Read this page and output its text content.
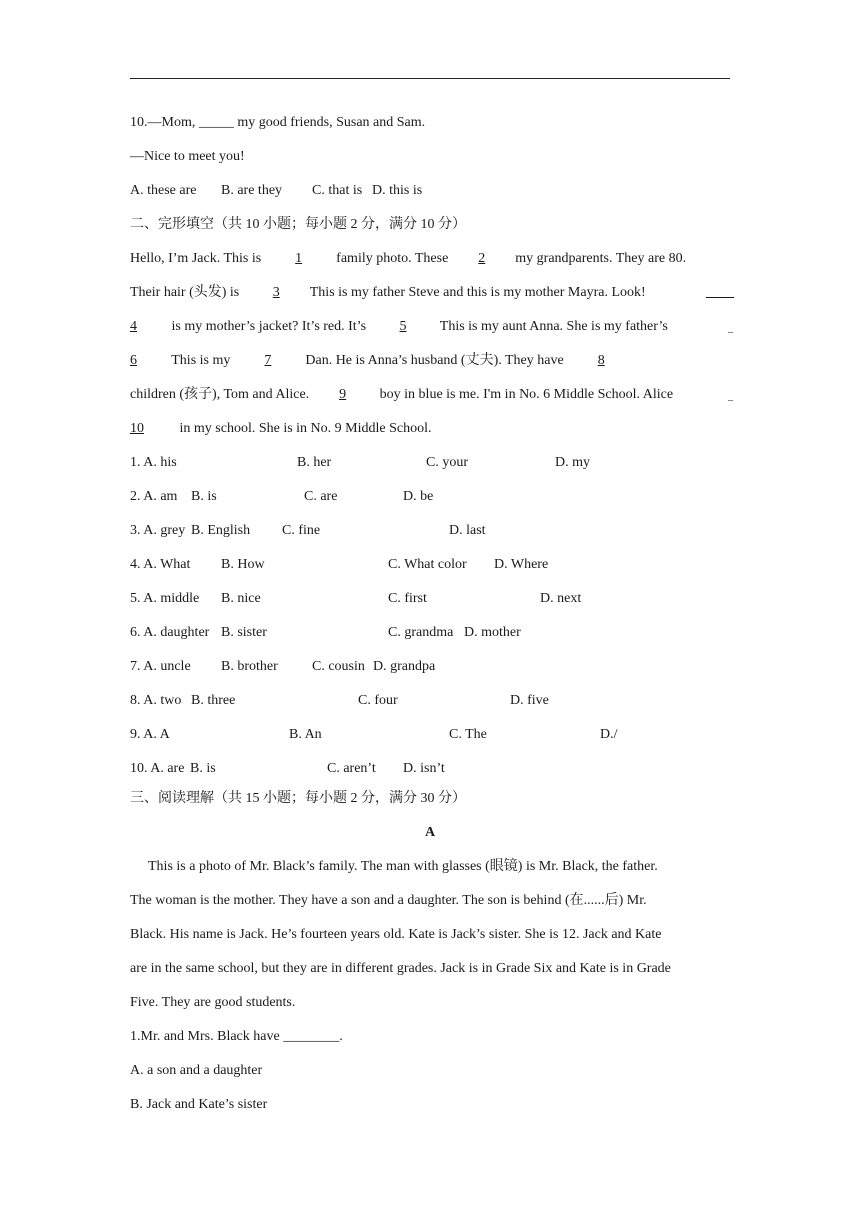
10.—Mom, _____ my good friends, Susan and Sam.
—Nice to meet you!
A. these are B. are they C. that is D. this is
二、完形填空（共 10 小题；每小题 2 分，满分 10 分）
Hello, I’m Jack. This is 1 family photo. These 2 my grandparents. They are 80.
Their hair (头发) is 3 This is my father Steve and this is my mother Mayra. Look!

4 is my mother’s jacket? It’s red. It’s 5 This is my aunt Anna. She is my father’s	_
6 This is my 7 Dan. He is Anna’s husband (丈夫). They have 8
children (孩子), Tom and Alice. 9 boy in blue is me. I'm in No. 6 Middle School. Alice	_
10 in my school. She is in No. 9 Middle School.
1. A. his	B. her	C. your	D. my
2. A. am B. is	C. are	D. be
3. A. grey B. English C. fine	D. last
4. A. What B. How	C. What color D. Where
5. A. middle B. nice	C. first	D. next
6. A. daughter B. sister	C. grandma D. mother
7. A. uncle B. brother C. cousin D. grandpa
8. A. two B. three	C. four	D. five
9. A. A	B. An	C. The	D./
10. A. are B. is	C. aren’t D. isn’t
三、阅读理解（共 15 小题；每小题 2 分，满分 30 分）
A
This is a photo of Mr. Black’s family. The man with glasses (眼镜) is Mr. Black, the father.
The woman is the mother. They have a son and a daughter. The son is behind (在......后) Mr.
Black. His name is Jack. He’s fourteen years old. Kate is Jack’s sister. She is 12. Jack and Kate
are in the same school, but they are in different grades. Jack is in Grade Six and Kate is in Grade
Five. They are good students.
1.Mr. and Mrs. Black have ________.
A. a son and a daughter
B. Jack and Kate’s sister
